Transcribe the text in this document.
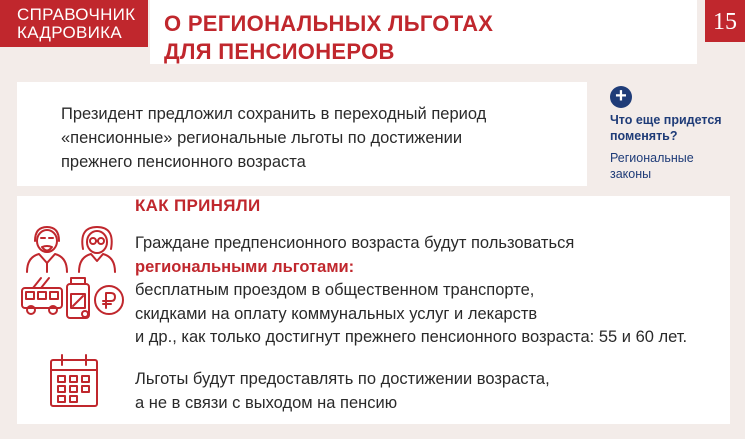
СПРАВОЧНИК
КАДРОВИКА	О РЕГИОНАЛЬНЫХ ЛЬГОТАХ
ДЛЯ ПЕНСИОНЕРОВ
15
Президент предложил сохранить в переходный период
«пенсионные» региональные льготы по достижении
прежнего пенсионного возраста
+
Что еще придется
поменять?
Региональные
законы
КАК ПРИНЯЛИ
Граждане предпенсионного возраста будут пользоваться
региональными льготами:
бесплатным проездом в общественном транспорте,
скидками на оплату коммунальных услуг и лекарств
и др., как только достигнут прежнего пенсионного возраста: 55 и 60 лет.
Льготы будут предоставлять по достижении возраста,
а не в связи с выходом на пенсию
